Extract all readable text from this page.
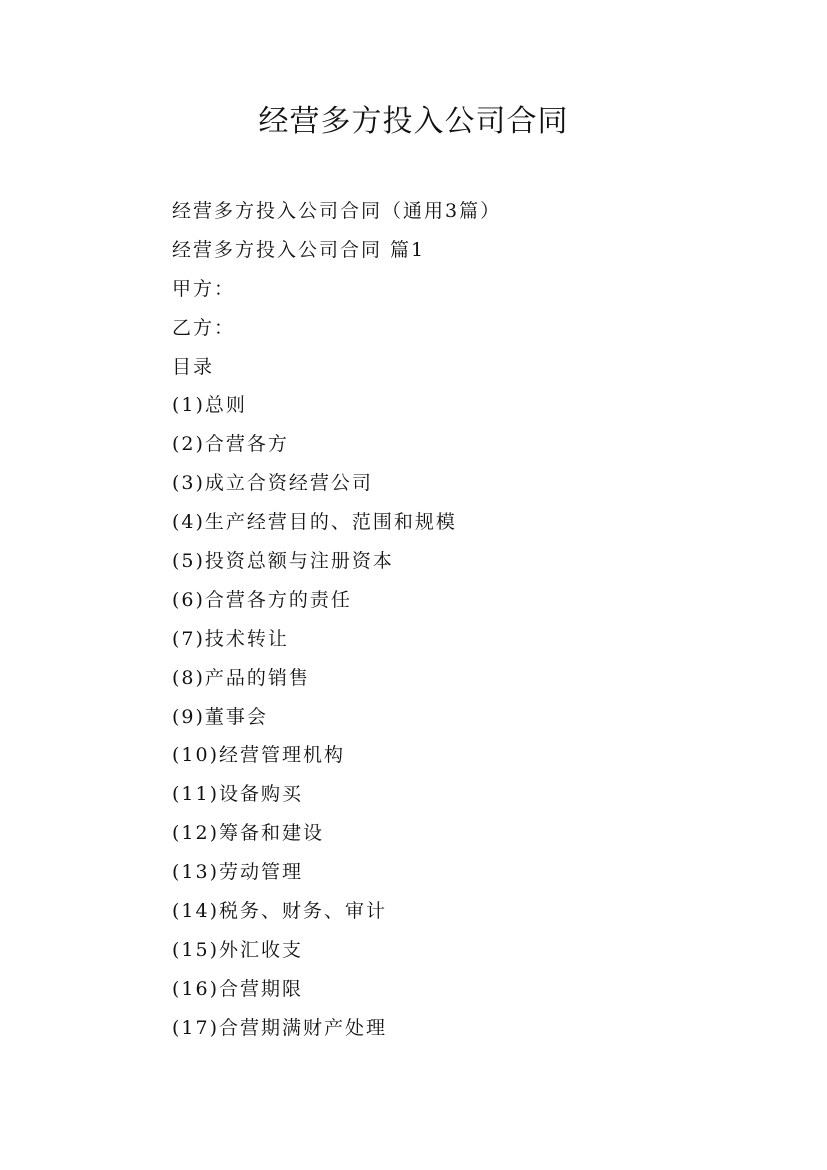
经营多方投入公司合同
经营多方投入公司合同（通用3篇）
经营多方投入公司合同 篇1
甲方：
乙方：
目录
(1)总则
(2)合营各方
(3)成立合资经营公司
(4)生产经营目的、范围和规模
(5)投资总额与注册资本
(6)合营各方的责任
(7)技术转让
(8)产品的销售
(9)董事会
(10)经营管理机构
(11)设备购买
(12)筹备和建设
(13)劳动管理
(14)税务、财务、审计
(15)外汇收支
(16)合营期限
(17)合营期满财产处理
